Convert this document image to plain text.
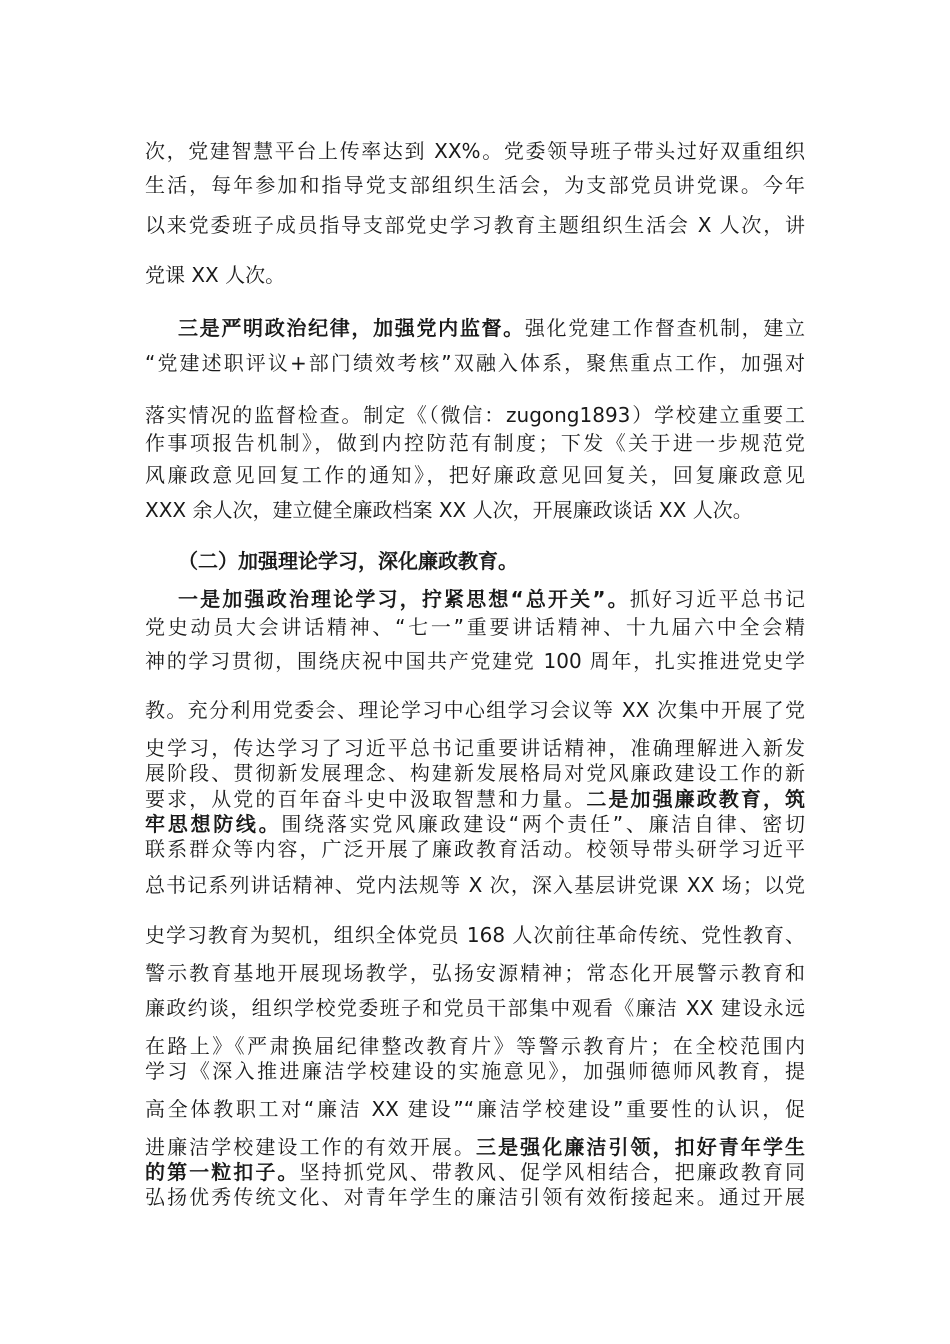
次，党建智慧平台上传率达到 XX%。党委领导班子带头过好双重组织
生活，每年参加和指导党支部组织生活会，为支部党员讲党课。今年
以来党委班子成员指导支部党史学习教育主题组织生活会 X 人次，讲
党课 XX 人次。
三是严明政治纪律，加强党内监督。强化党建工作督查机制，建立
“党建述职评议+部门绩效考核”双融入体系，聚焦重点工作，加强对
落实情况的监督检查。制定《（微信：zugong1893）学校建立重要工
作事项报告机制》，做到内控防范有制度；下发《关于进一步规范党
风廉政意见回复工作的通知》，把好廉政意见回复关，回复廉政意见
XXX 余人次，建立健全廉政档案 XX 人次，开展廉政谈话 XX 人次。
（二）加强理论学习，深化廉政教育。
一是加强政治理论学习，拧紧思想“总开关”。抓好习近平总书记
党史动员大会讲话精神、“七一”重要讲话精神、十九届六中全会精
神的学习贯彻，围绕庆祝中国共产党建党 100 周年，扎实推进党史学
教。充分利用党委会、理论学习中心组学习会议等 XX 次集中开展了党
史学习，传达学习了习近平总书记重要讲话精神，准确理解进入新发
展阶段、贯彻新发展理念、构建新发展格局对党风廉政建设工作的新
要求，从党的百年奋斗史中汲取智慧和力量。二是加强廉政教育，筑
牢思想防线。围绕落实党风廉政建设“两个责任”、廉洁自律、密切
联系群众等内容，广泛开展了廉政教育活动。校领导带头研学习近平
总书记系列讲话精神、党内法规等 X 次，深入基层讲党课 XX 场；以党
史学习教育为契机，组织全体党员 168 人次前往革命传统、党性教育、
警示教育基地开展现场教学，弘扬安源精神；常态化开展警示教育和
廉政约谈，组织学校党委班子和党员干部集中观看《廉洁 XX 建设永远
在路上》《严肃换届纪律整改教育片》等警示教育片；在全校范围内
学习《深入推进廉洁学校建设的实施意见》，加强师德师风教育，提
高全体教职工对“廉洁 XX 建设”“廉洁学校建设”重要性的认识，促
进廉洁学校建设工作的有效开展。三是强化廉洁引领，扣好青年学生
的第一粒扣子。坚持抓党风、带教风、促学风相结合，把廉政教育同
弘扬优秀传统文化、对青年学生的廉洁引领有效衔接起来。通过开展
